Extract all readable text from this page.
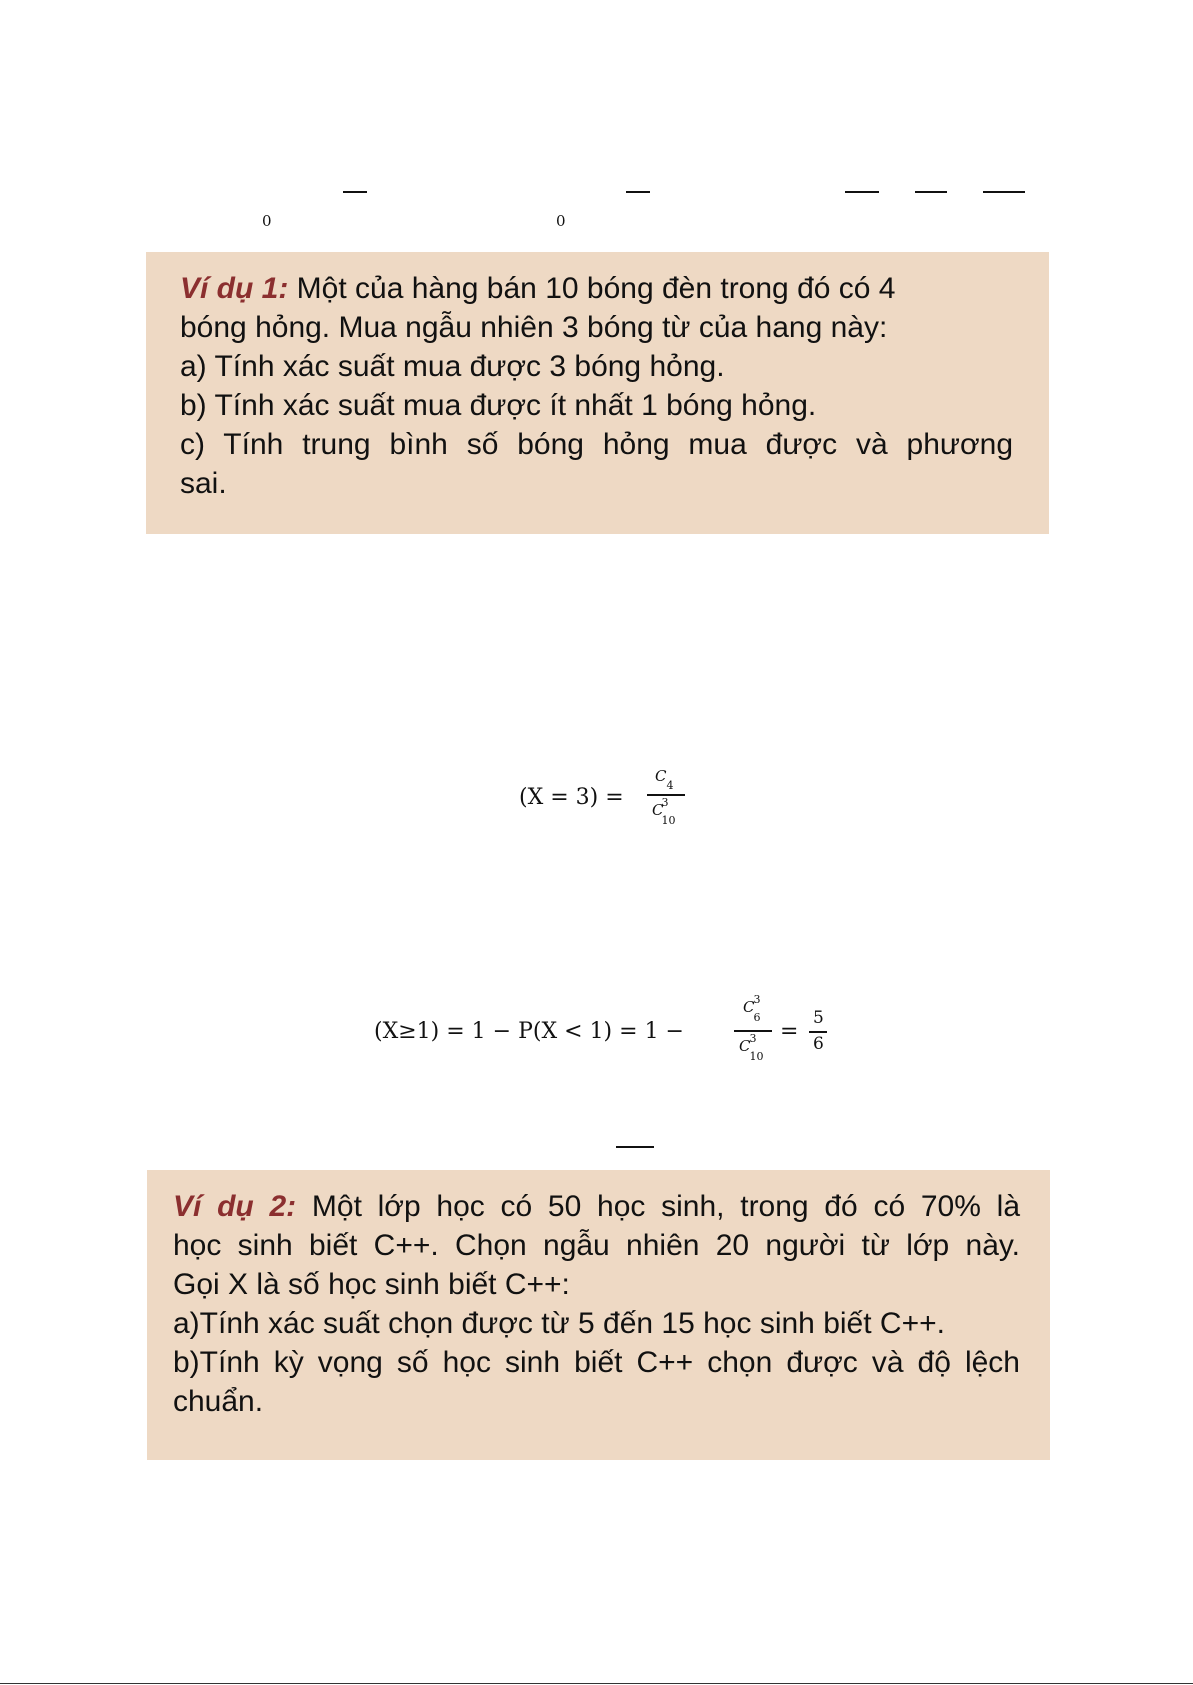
0	0

Ví dụ 1: Một của hàng bán 10 bóng đèn trong đó có 4

bóng hỏng. Mua ngẫu nhiên 3 bóng từ của hang này:

a) Tính xác suất mua được 3 bóng hỏng.

b) Tính xác suất mua được ít nhất 1 bóng hỏng.

c) Tính trung bình số bóng hỏng mua được và phương

sai.

(X = 3) =
$C_4$
$C^3_{10}$
(X≥1) = 1 − P(X < 1) = 1 −
$C^3_6$
$C^3_{10}$
=
5
6

Ví dụ 2: Một lớp học có 50 học sinh, trong đó có 70% là

học sinh biết C++. Chọn ngẫu nhiên 20 người từ lớp này.

Gọi X là số học sinh biết C++:

a)Tính xác suất chọn được từ 5 đến 15 học sinh biết C++.

b)Tính kỳ vọng số học sinh biết C++ chọn được và độ lệch

chuẩn.
